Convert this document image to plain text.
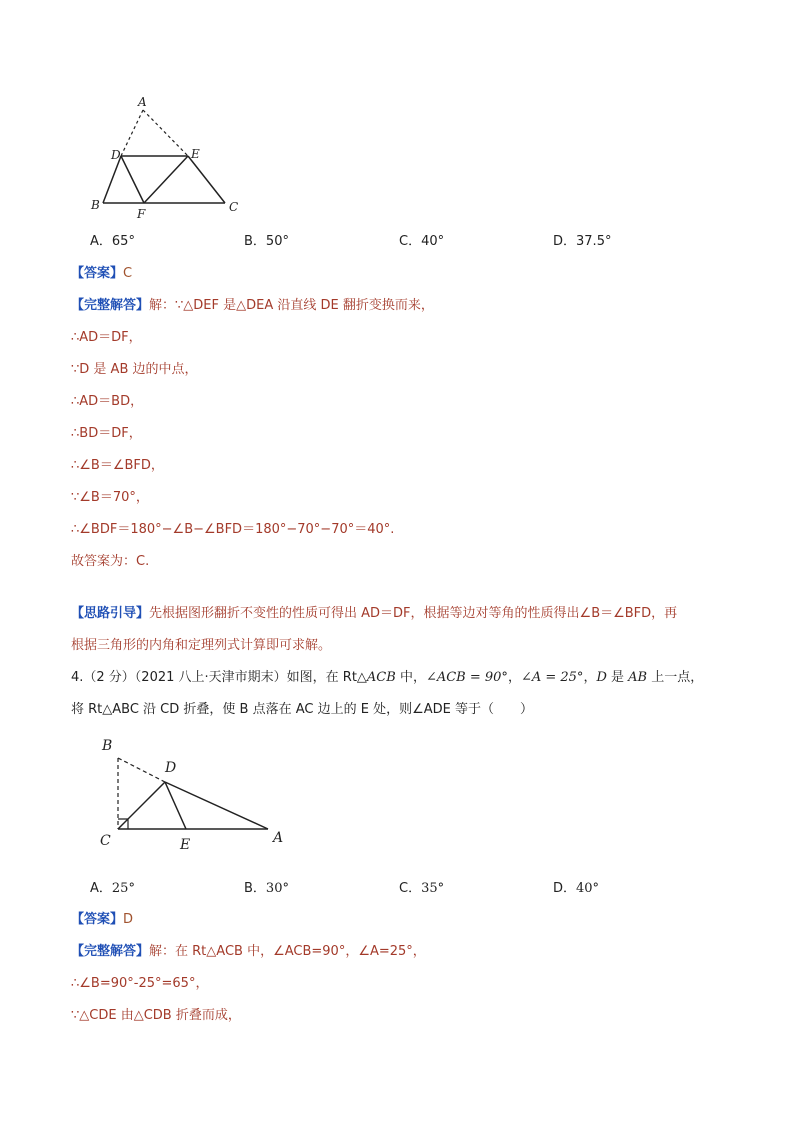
A
D	E
B
F	C
A．65°	B．50°	C．40°	D．37.5°
【答案】C
【完整解答】解：∵△DEF 是△DEA 沿直线 DE 翻折变换而来，
∴AD＝DF，
∵D 是 AB 边的中点，
∴AD＝BD，
∴BD＝DF，
∴∠B＝∠BFD，
∵∠B＝70°，
∴∠BDF＝180°−∠B−∠BFD＝180°−70°−70°＝40°.
故答案为：C.
【思路引导】先根据图形翻折不变性的性质可得出 AD＝DF，根据等边对等角的性质得出∠B＝∠BFD，再
根据三角形的内角和定理列式计算即可求解。
4.（2 分）（2021 八上·天津市期末）如图，在 Rt△ACB 中，∠ACB = 90°，∠A = 25°，D 是 AB 上一点，
将 Rt△ABC 沿 CD 折叠，使 B 点落在 AC 边上的 E 处，则∠ADE 等于（　　）
B
D
C	E	A
A．25°	B．30°	C．35°	D．40°
【答案】D
【完整解答】解：在 Rt△ACB 中，∠ACB=90°，∠A=25°，
∴∠B=90°-25°=65°，
∵△CDE 由△CDB 折叠而成，
